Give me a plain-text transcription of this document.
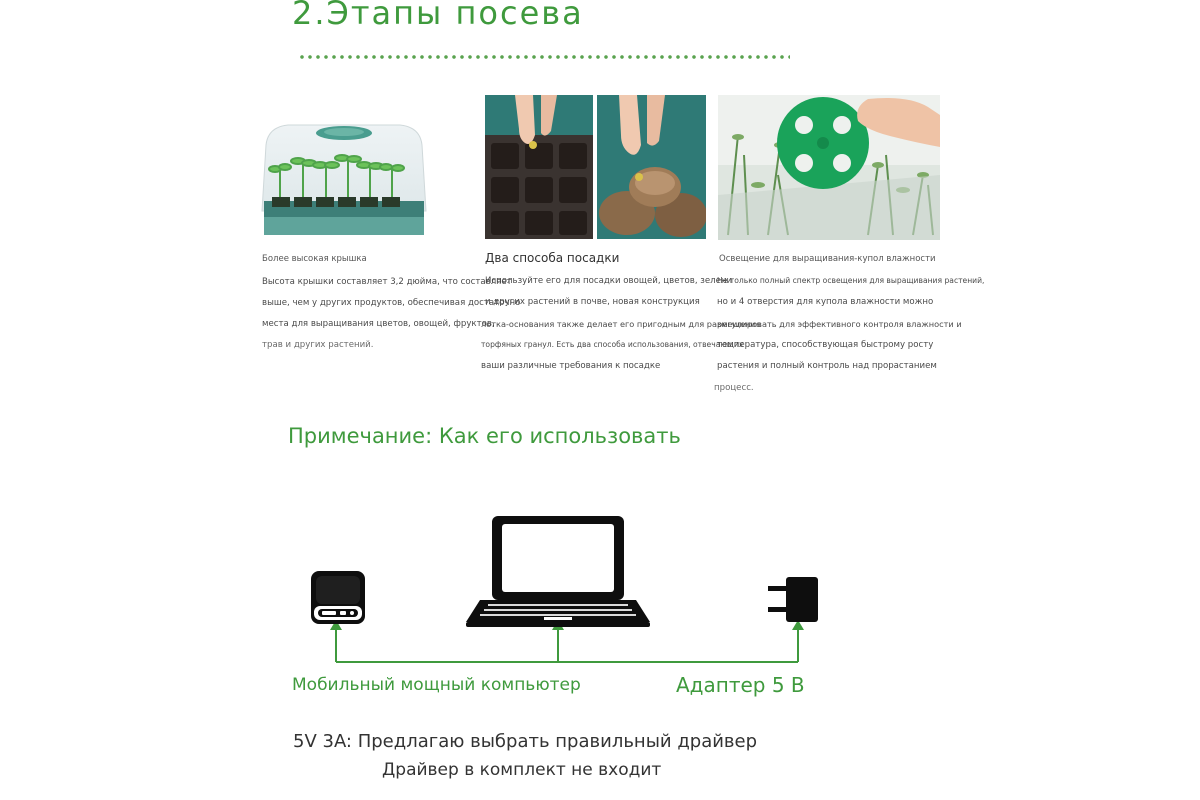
2.Этапы посева
Более высокая крышка
Высота крышки составляет 3,2 дюйма, что составляет
выше, чем у других продуктов, обеспечивая достаточно
места для выращивания цветов, овощей, фруктов,
трав и других растений.
Два способа посадки
Используйте его для посадки овощей, цветов, зелени
и других растений в почве, новая конструкция
лотка-основания также делает его пригодным для размещения
торфяных гранул. Есть два способа использования, отвечающих
ваши различные требования к посадке
Освещение для выращивания-купол влажности
Не только полный спектр освещения для выращивания растений,
но и 4 отверстия для купола влажности можно
регулировать для эффективного контроля влажности и
температура, способствующая быстрому росту
растения и полный контроль над прорастанием
процесс.
Примечание: Как его использовать
Мобильный мощный компьютер	Адаптер 5 В
5V 3A: Предлагаю выбрать правильный драйвер
Драйвер в комплект не входит
